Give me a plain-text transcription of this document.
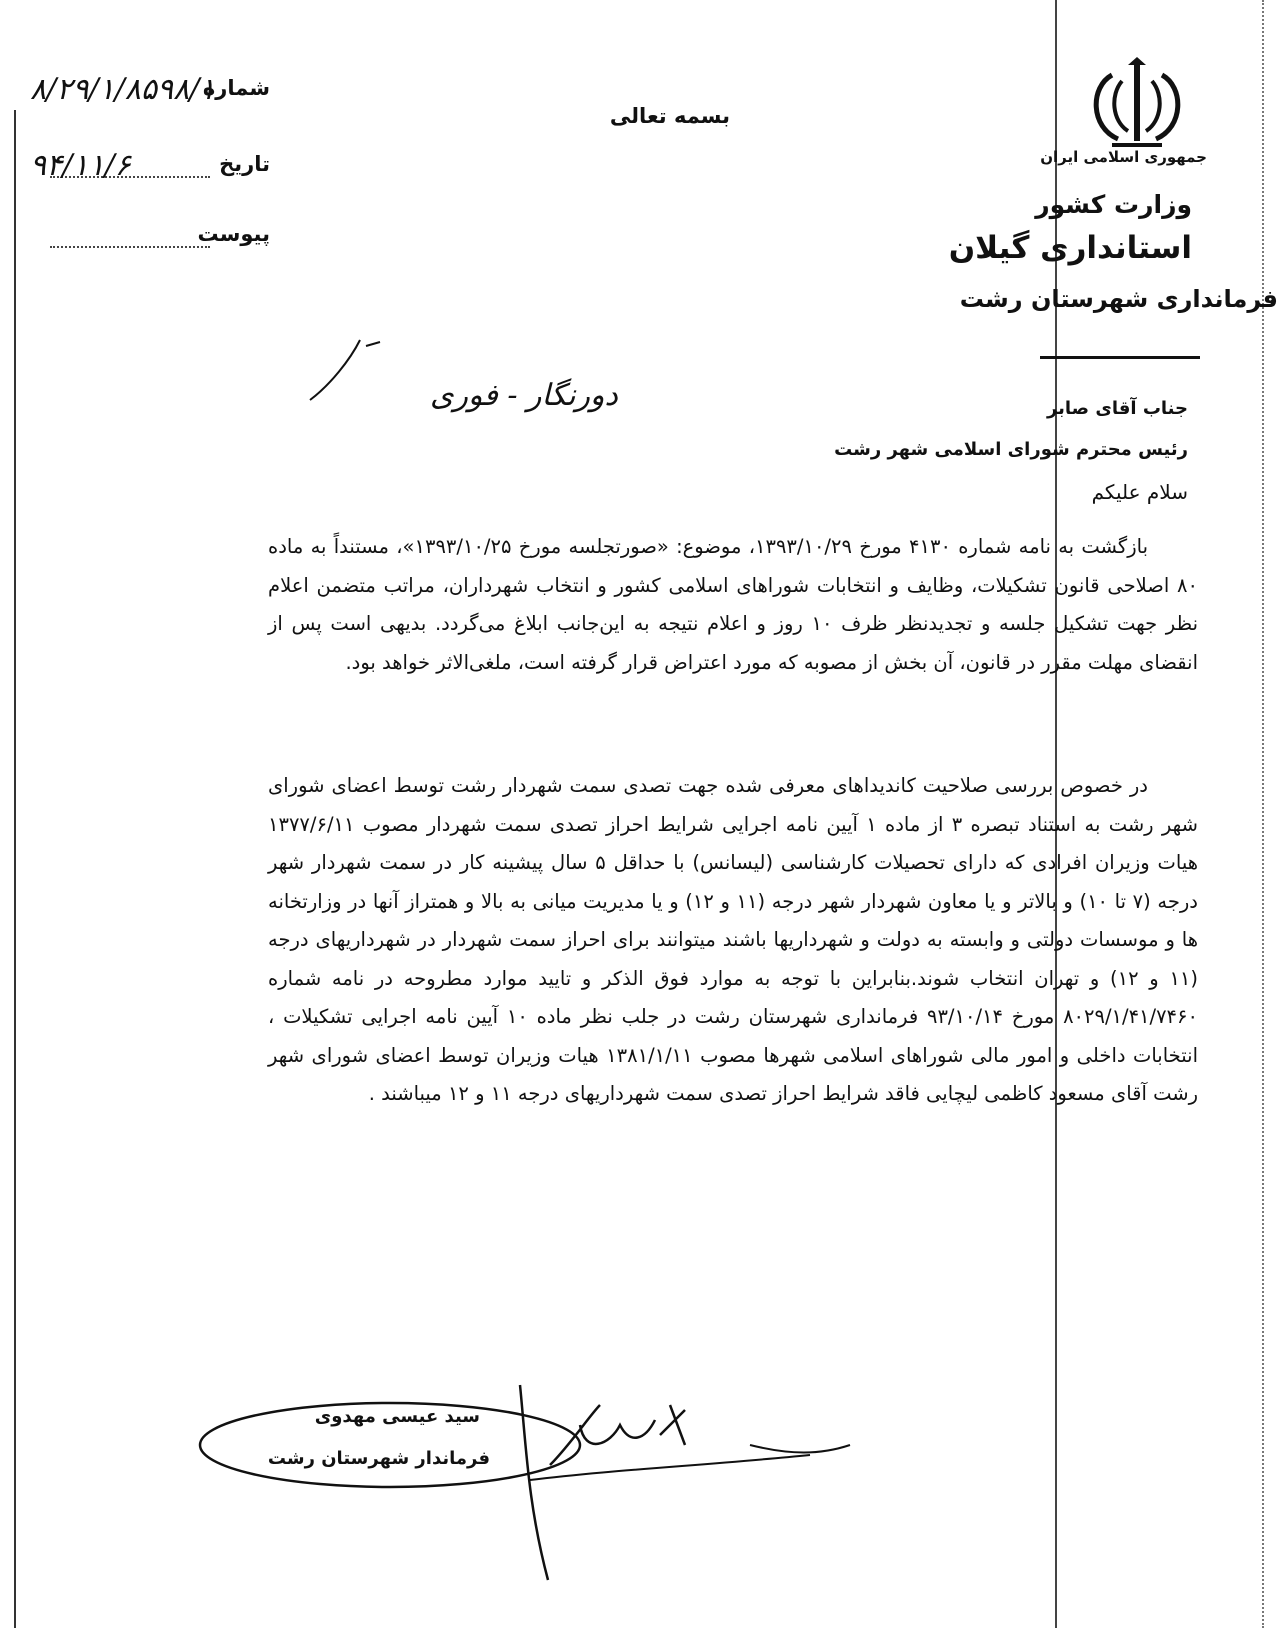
جمهوری اسلامی ایران
وزارت کشور
استانداری گیلان
فرمانداری شهرستان رشت
بسمه تعالی
شماره
۸/۲۹/۱/۸۵۹۸/۱
تاریخ
۹۴/۱۱/۶
پیوست
دورنگار - فوری	جناب آقای صابر
رئیس محترم شورای اسلامی شهر رشت
سلام علیکم

بازگشت به نامه شماره ۴۱۳۰ مورخ ۱۳۹۳/۱۰/۲۹، موضوع: «صورتجلسه مورخ ۱۳۹۳/۱۰/۲۵»، مستنداً به ماده ۸۰ اصلاحی قانون تشکیلات، وظایف و انتخابات شوراهای اسلامی کشور و انتخاب شهرداران، مراتب متضمن اعلام نظر جهت تشکیل جلسه و تجدیدنظر ظرف ۱۰ روز و اعلام نتیجه به این‌جانب ابلاغ می‌گردد. بدیهی است پس از انقضای مهلت مقرر در قانون، آن بخش از مصوبه که مورد اعتراض قرار گرفته است، ملغی‌الاثر خواهد بود.

در خصوص بررسی صلاحیت کاندیداهای معرفی شده جهت تصدی سمت شهردار رشت توسط اعضای شورای شهر رشت به استناد تبصره ۳ از ماده ۱ آیین نامه اجرایی شرایط احراز تصدی سمت شهردار مصوب ۱۳۷۷/۶/۱۱ هیات وزیران افرادی که دارای تحصیلات کارشناسی (لیسانس) با حداقل ۵ سال پیشینه کار در سمت شهردار شهر درجه (۷ تا ۱۰) و بالاتر و یا معاون شهردار شهر درجه (۱۱ و ۱۲) و یا مدیریت میانی به بالا و همتراز آنها در وزارتخانه ها و موسسات دولتی و وابسته به دولت و شهرداریها باشند میتوانند برای احراز سمت شهردار در شهرداریهای درجه (۱۱ و ۱۲) و تهران انتخاب شوند.بنابراین با توجه به موارد فوق الذکر و تایید موارد مطروحه در نامه شماره ۸۰۲۹/۱/۴۱/۷۴۶۰ مورخ ۹۳/۱۰/۱۴ فرمانداری شهرستان رشت در جلب نظر ماده ۱۰ آیین نامه اجرایی تشکیلات ، انتخابات داخلی و امور مالی شوراهای اسلامی شهرها مصوب ۱۳۸۱/۱/۱۱ هیات وزیران توسط اعضای شورای شهر رشت آقای مسعود کاظمی لیچایی فاقد شرایط احراز تصدی سمت شهرداریهای درجه ۱۱ و ۱۲ میباشند .

سید عیسی مهدوی
فرماندار شهرستان رشت
